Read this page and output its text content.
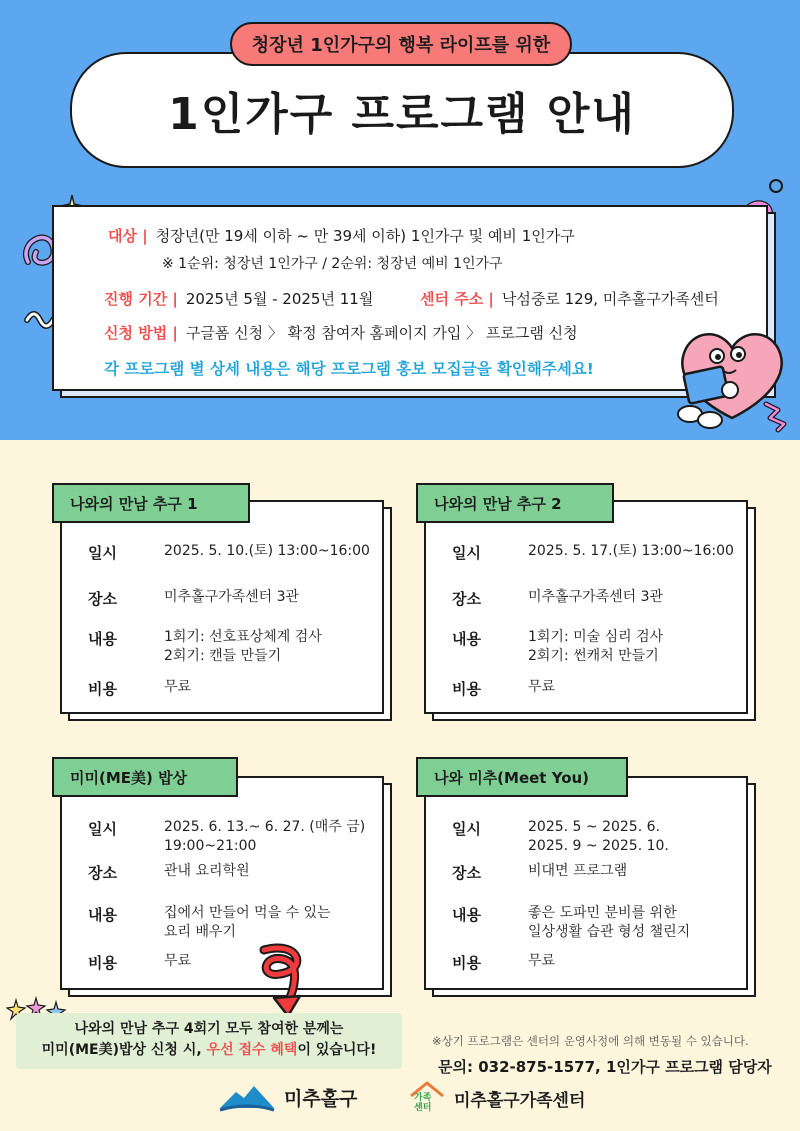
청장년 1인가구의 행복 라이프를 위한
1인가구 프로그램 안내
대상 | 청장년(만 19세 이하 ~ 만 39세 이하) 1인가구 및 예비 1인가구
※ 1순위: 청장년 1인가구 / 2순위: 청장년 예비 1인가구
진행 기간 | 2025년 5월 - 2025년 11월	센터 주소 | 낙섬중로 129, 미추홀구가족센터
신청 방법 | 구글폼 신청 〉 확정 참여자 홈페이지 가입 〉 프로그램 신청
각 프로그램 별 상세 내용은 해당 프로그램 홍보 모집글을 확인해주세요!
일시	2025. 5. 10.(토) 13:00~16:00
장소	미추홀구가족센터 3관
내용	1회기: 선호표상체계 검사
2회기: 캔들 만들기
비용	무료
나와의 만남 추구 1
일시	2025. 5. 17.(토) 13:00~16:00
장소	미추홀구가족센터 3관
내용	1회기: 미술 심리 검사
2회기: 썬캐처 만들기
비용	무료
나와의 만남 추구 2
일시	2025. 6. 13.~ 6. 27. (매주 금)
19:00~21:00
장소	관내 요리학원
내용	집에서 만들어 먹을 수 있는
요리 배우기
비용	무료
미미(ME美) 밥상
일시	2025. 5 ~ 2025. 6.
2025. 9 ~ 2025. 10.
장소	비대면 프로그램
내용	좋은 도파민 분비를 위한
일상생활 습관 형성 챌린지
비용	무료
나와 미추(Meet You)
나와의 만남 추구 4회기 모두 참여한 분께는
미미(ME美)밥상 신청 시, 우선 접수 혜택이 있습니다!
※상기 프로그램은 센터의 운영사정에 의해 변동될 수 있습니다.
문의: 032-875-1577, 1인가구 프로그램 담당자
미추홀구	가족
센터 미추홀구가족센터
